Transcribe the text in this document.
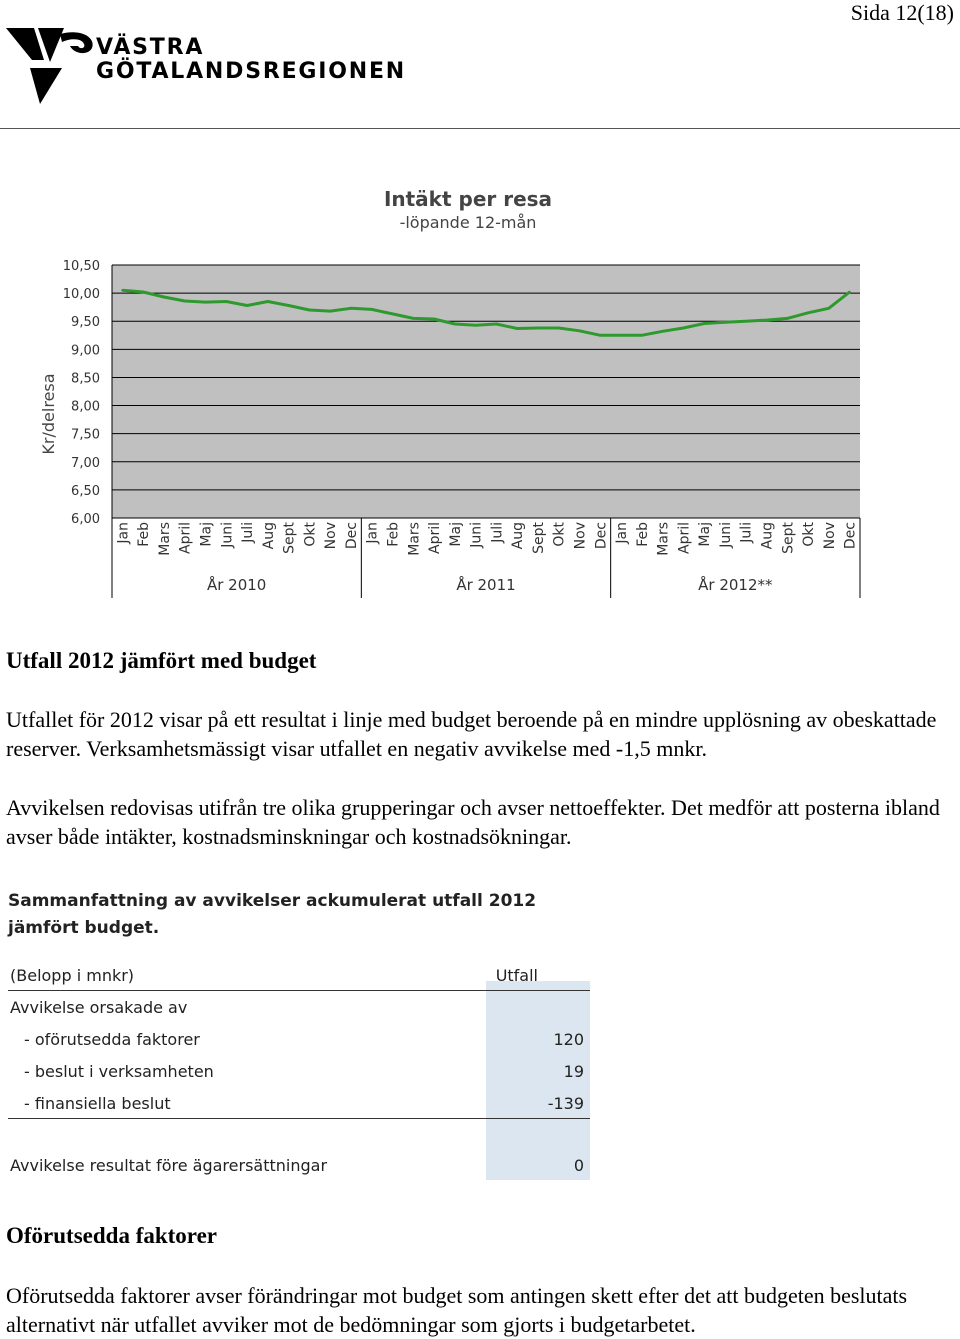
Sida 12(18)
VÄSTRA
GÖTALANDSREGIONEN
Intäkt per resa
-löpande 12-mån
Kr/delresa
10,50
10,00
9,50
9,00
8,50
8,00
7,50
7,00
6,50
6,00
Jan Feb Mars April Maj Juni Juli Aug Sept Okt Nov Dec Jan Feb Mars April Maj Juni Juli Aug Sept Okt Nov Dec Jan Feb Mars April Maj Juni Juli Aug Sept Okt Nov Dec
År 2010	År 2011	År 2012**
Utfall 2012 jämfört med budget

Utfallet för 2012 visar på ett resultat i linje med budget beroende på en mindre upplösning av obeskattade reserver. Verksamhetsmässigt visar utfallet en negativ avvikelse med -1,5 mnkr.

Avvikelsen redovisas utifrån tre olika grupperingar och avser nettoeffekter. Det medför att posterna ibland avser både intäkter, kostnadsminskningar och kostnadsökningar.

Sammanfattning av avvikelser ackumulerat utfall 2012 jämfört budget.
(Belopp i mnkr)	Utfall
Avvikelse orsakade av
- oförutsedda faktorer	120
- beslut i verksamheten	19
- finansiella beslut	-139
Avvikelse resultat före ägarersättningar	0
Oförutsedda faktorer

Oförutsedda faktorer avser förändringar mot budget som antingen skett efter det att budgeten beslutats alternativt när utfallet avviker mot de bedömningar som gjorts i budgetarbetet.
